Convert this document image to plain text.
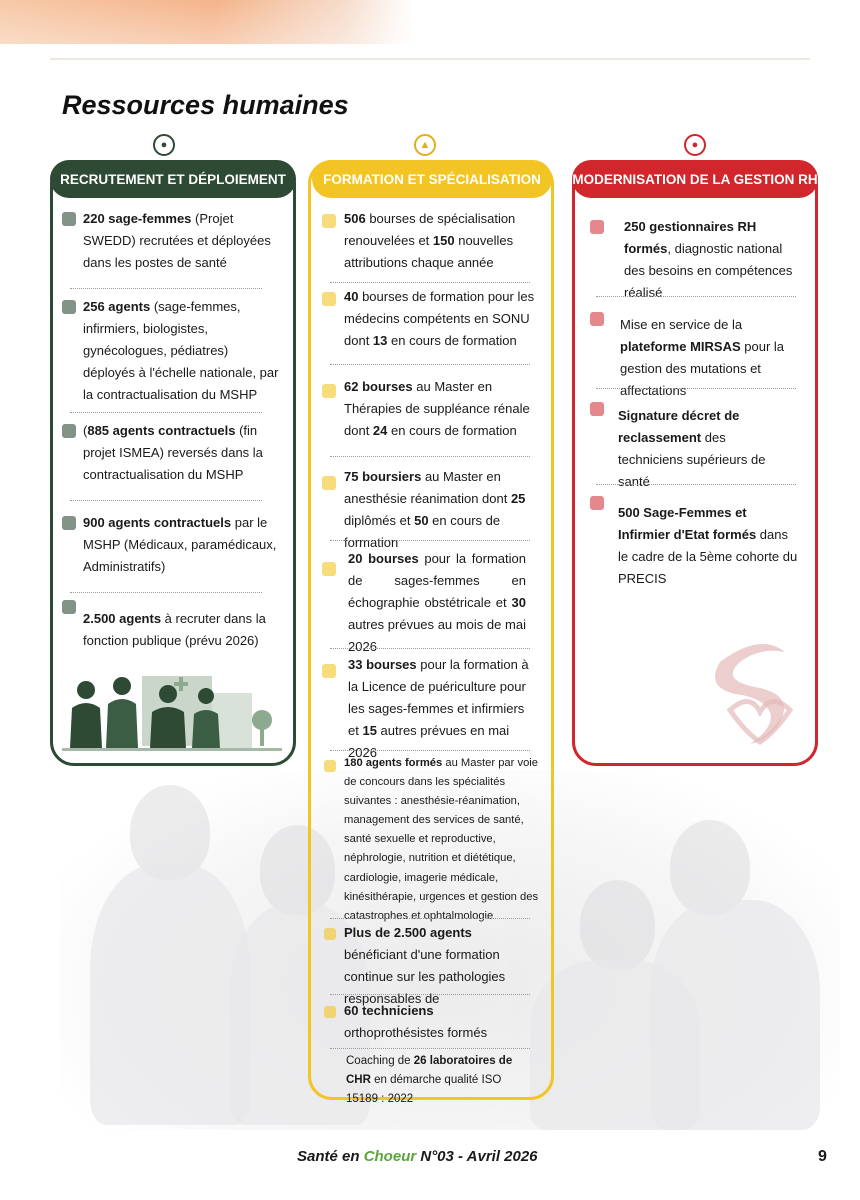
Ressources humaines
●	▲	●
RECRUTEMENT ET DÉPLOIEMENT
220 sage-femmes (Projet SWEDD) recrutées et déployées dans les postes de santé
256 agents (sage-femmes, infirmiers, biologistes, gynécologues, pédiatres) déployés à l'échelle nationale, par la contractualisation du MSHP
(885 agents contractuels (fin projet ISMEA) reversés dans la contractualisation du MSHP
900 agents contractuels par le MSHP (Médicaux, paramédicaux, Administratifs)
2.500 agents à recruter dans la fonction publique (prévu 2026)
FORMATION ET SPÉCIALISATION
506 bourses de spécialisation renouvelées et 150 nouvelles attributions chaque année
40 bourses de formation pour les médecins compétents en SONU dont 13 en cours de formation
62 bourses au Master en Thérapies de suppléance rénale dont 24 en cours de formation
75 boursiers au Master en anesthésie réanimation dont 25 diplômés et 50 en cours de formation
20 bourses pour la formation de sages-femmes en échographie obstétricale et 30 autres prévues au mois de mai 2026
33 bourses pour la formation à la Licence de puériculture pour les sages-femmes et infirmiers et 15 autres prévues en mai 2026
180 agents formés au Master par voie de concours dans les spécialités suivantes : anesthésie-réanimation, management des services de santé, santé sexuelle et reproductive, néphrologie, nutrition et diététique, cardiologie, imagerie médicale, kinésithérapie, urgences et gestion des catastrophes et ophtalmologie
Plus de 2.500 agents bénéficiant d'une formation continue sur les pathologies responsables de
60 techniciens orthoprothésistes formés
Coaching de 26 laboratoires de CHR en démarche qualité ISO 15189 : 2022
MODERNISATION DE LA GESTION RH
250 gestionnaires RH formés, diagnostic national des besoins en compétences réalisé
Mise en service de la plateforme MIRSAS pour la gestion des mutations et affectations
Signature décret de reclassement des techniciens supérieurs de santé
500 Sage-Femmes et Infirmier d'Etat formés dans le cadre de la 5ème cohorte du PRECIS
Santé en Choeur N°03 - Avril 2026	9
